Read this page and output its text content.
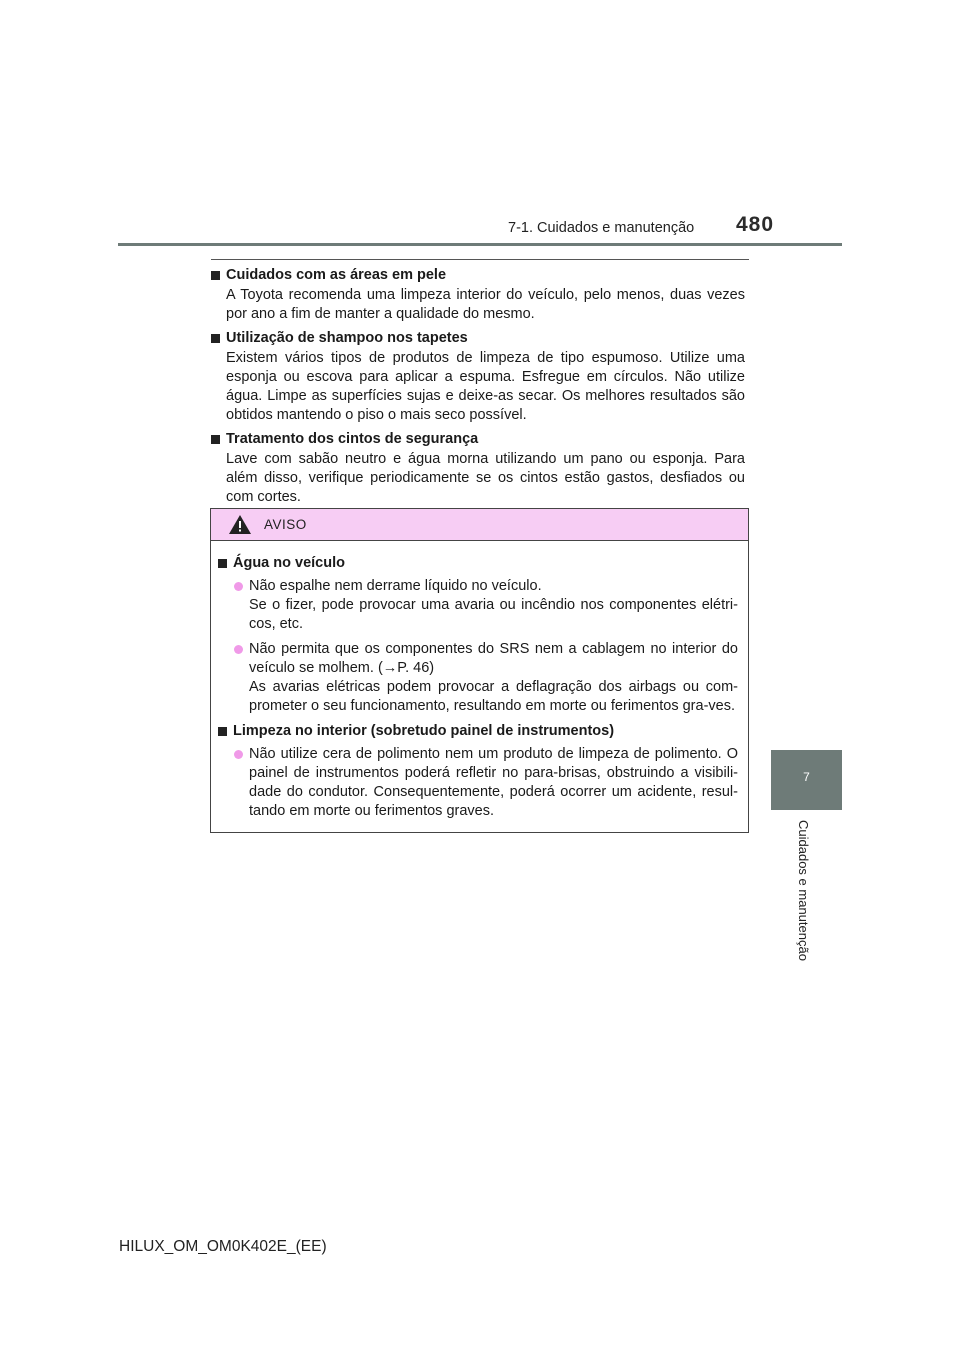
7-1. Cuidados e manutenção 480
7
Cuidados e manutenção
Cuidados com as áreas em pele
A Toyota recomenda uma limpeza interior do veículo, pelo menos, duas vezes por ano a fim de manter a qualidade do mesmo.
Utilização de shampoo nos tapetes
Existem vários tipos de produtos de limpeza de tipo espumoso. Utilize uma esponja ou escova para aplicar a espuma. Esfregue em círculos. Não utilize água. Limpe as superfícies sujas e deixe-as secar. Os melhores resultados são obtidos mantendo o piso o mais seco possível.
Tratamento dos cintos de segurança
Lave com sabão neutro e água morna utilizando um pano ou esponja. Para além disso, verifique periodicamente se os cintos estão gastos, desfiados ou com cortes.
AVISO
Água no veículo
Não espalhe nem derrame líquido no veículo.
Se o fizer, pode provocar uma avaria ou incêndio nos componentes elétri-cos, etc.
Não permita que os componentes do SRS nem a cablagem no interior do veículo se molhem. (→P. 46)
As avarias elétricas podem provocar a deflagração dos airbags ou com-prometer o seu funcionamento, resultando em morte ou ferimentos gra-ves.
Limpeza no interior (sobretudo painel de instrumentos)
Não utilize cera de polimento nem um produto de limpeza de polimento. O painel de instrumentos poderá refletir no para-brisas, obstruindo a visibili-dade do condutor. Consequentemente, poderá ocorrer um acidente, resul-tando em morte ou ferimentos graves.
HILUX_OM_OM0K402E_(EE)
